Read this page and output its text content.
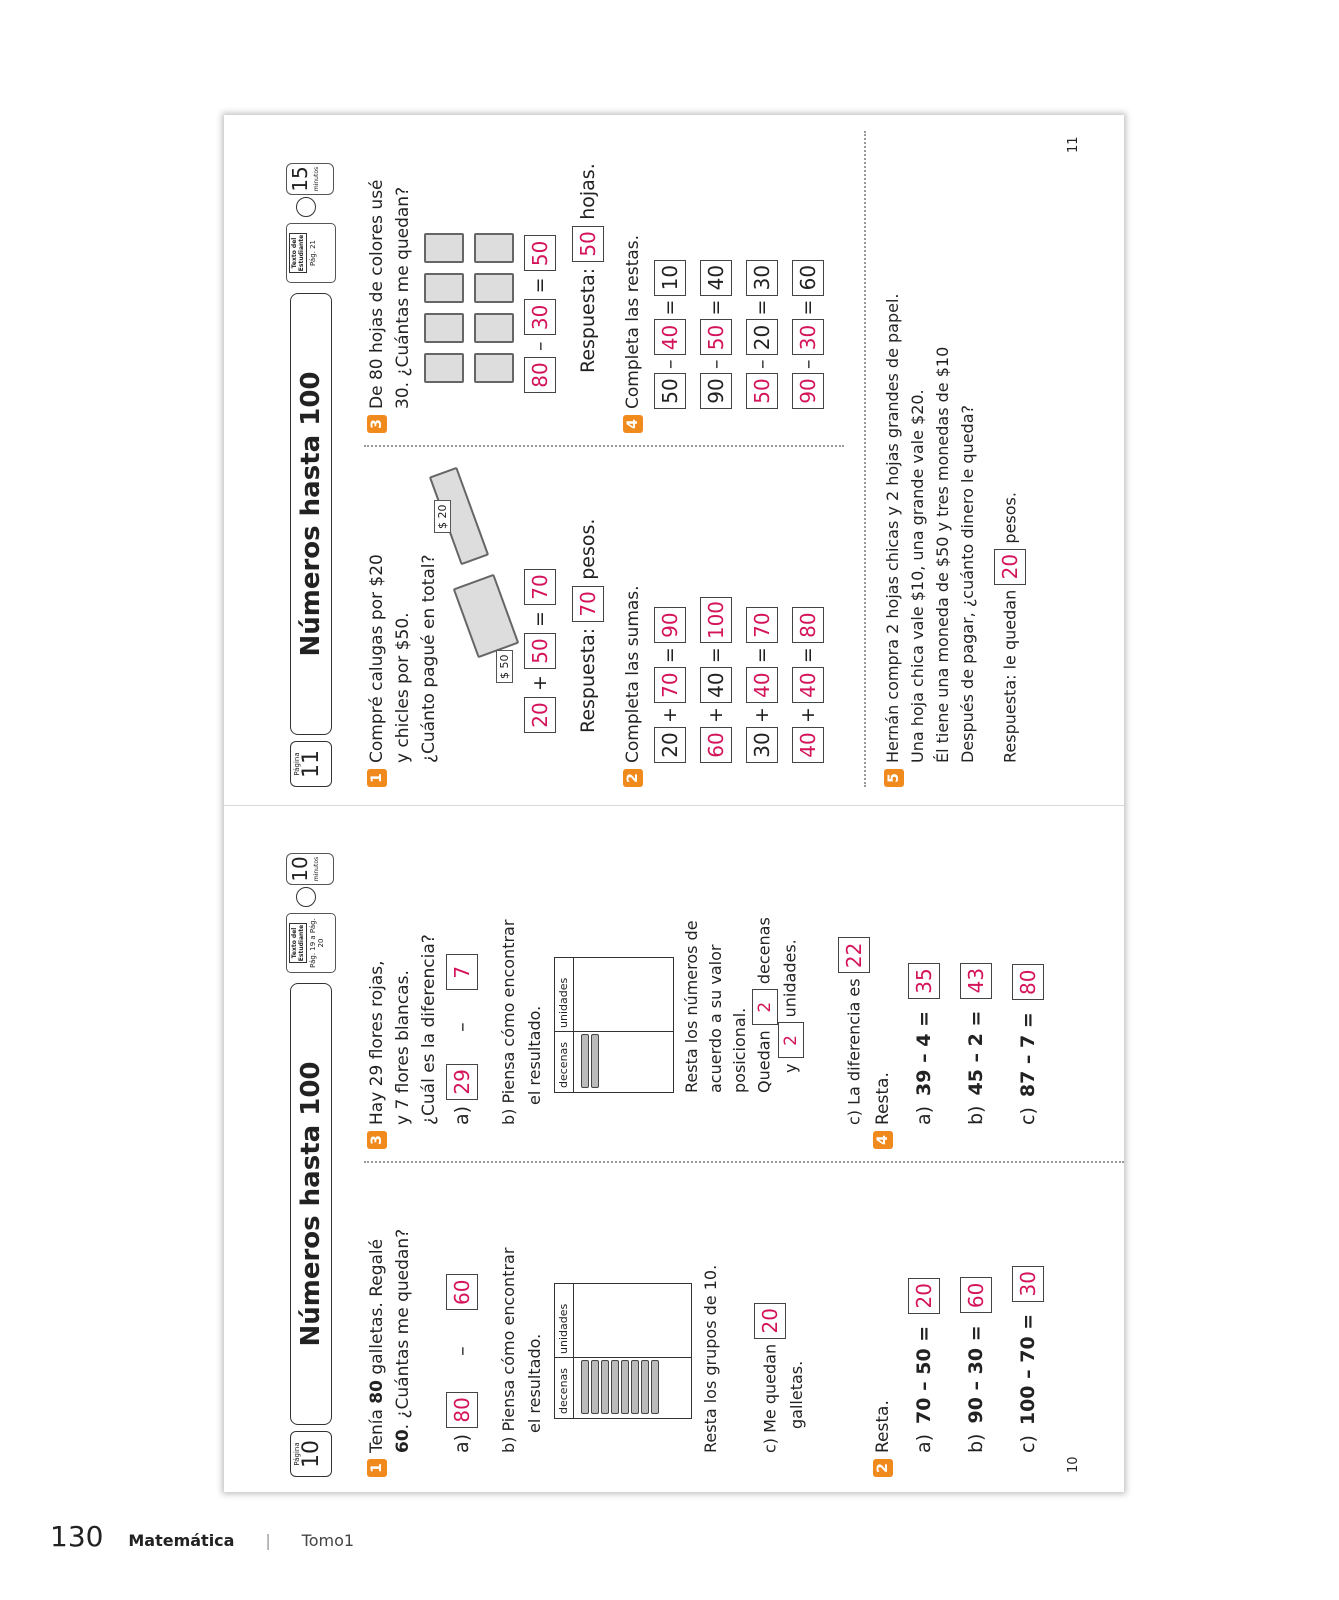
Página
11
Números hasta 100
Texto del
Estudiante Pág. 21
15 minutos
1Compré calugas por $20 y chicles por $50. ¿Cuánto pagué en total?	$ 50
$ 20
20 + 50 = 70
Respuesta: 70 pesos.
2Completa las sumas. 20+70=90
60+40=100
30+40=70
40+40=80
3De 80 hojas de colores usé 30. ¿Cuántas me quedan?	80 – 30 = 50
Respuesta: 50 hojas.
4Completa las restas. 50–40=10
90–50=40
50–20=30
90–30=60
5Hernán compra 2 hojas chicas y 2 hojas grandes de papel. Una hoja chica vale $10, una grande vale $20. Él tiene una moneda de $50 y tres monedas de $10 Después de pagar, ¿cuánto dinero le queda?	Respuesta: le quedan 20 pesos.
11
Página
10
Números hasta 100
Texto del
Estudiante Pág. 19 a Pág. 20
10 minutos
1Tenía 80 galletas. Regalé
60. ¿Cuántas me quedan?
a) 80 – 60 b) Piensa cómo encontrar el resultado.	decenas
unidades	Resta los grupos de 10.	c) Me quedan 20
galletas.
2Resta. a)70 – 50 =20
b)90 – 30 =60
c)100 – 70 =30
3Hay 29 flores rojas, y 7 flores blancas. ¿Cuál es la diferencia? a) 29 – 7 b) Piensa cómo encontrar el resultado.	decenas
unidades	Resta los números de acuerdo a su valor posicional. Quedan 2 decenas
y 2 unidades.
c) La diferencia es 22
4Resta. a)39 – 4 =35
b)45 – 2 =43
c)87 – 7 =80
10
130 Matemática | Tomo1
